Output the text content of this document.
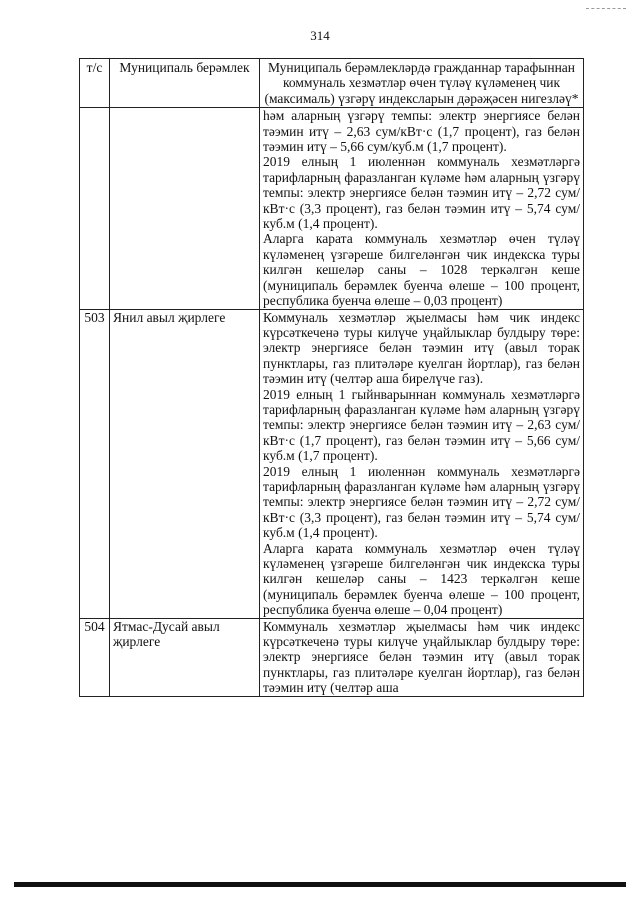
314
т/с	Муниципаль берәмлек	Муниципаль берәмлекләрдә гражданнар тарафыннан коммуналь хезмәтләр өчен түләү күләменең чик (максималь) үзгәрү индексларын дәрәҗәсен нигезләү*

		һәм аларның үзгәрү темпы: электр энергиясе белән тәэмин итү – 2,63 сум/кВт·с (1,7 процент), газ белән тәэмин итү – 5,66 сум/куб.м (1,7 процент).

2019 елның 1 июленнән коммуналь хезмәтләргә тарифларның фаразланган күләме һәм аларның үзгәрү темпы: электр энергиясе белән тәэмин итү – 2,72 сум/кВт·с (3,3 процент), газ белән тәэмин итү – 5,74 сум/куб.м (1,4 процент).

Аларга карата коммуналь хезмәтләр өчен түләү күләменең үзгәреше билгеләнгән чик индекска туры килгән кешеләр саны – 1028 теркәлгән кеше (муниципаль берәмлек буенча өлеше – 100 процент, республика буенча өлеше – 0,03 процент)

503	Янил авыл җирлеге	Коммуналь хезмәтләр җыелмасы һәм чик индекс күрсәткеченә туры килүче уңайлыклар булдыру төре: электр энергиясе белән тәэмин итү (авыл торак пунктлары, газ плитәләре куелган йортлар), газ белән тәэмин итү (челтәр аша бирелүче газ).

2019 елның 1 гыйнварыннан коммуналь хезмәтләргә тарифларның фаразланган күләме һәм аларның үзгәрү темпы: электр энергиясе белән тәэмин итү – 2,63 сум/кВт·с (1,7 процент), газ белән тәэмин итү – 5,66 сум/куб.м (1,7 процент).

2019 елның 1 июленнән коммуналь хезмәтләргә тарифларның фаразланган күләме һәм аларның үзгәрү темпы: электр энергиясе белән тәэмин итү – 2,72 сум/кВт·с (3,3 процент), газ белән тәэмин итү – 5,74 сум/куб.м (1,4 процент).

Аларга карата коммуналь хезмәтләр өчен түләү күләменең үзгәреше билгеләнгән чик индекска туры килгән кешеләр саны – 1423 теркәлгән кеше (муниципаль берәмлек буенча өлеше – 100 процент, республика буенча өлеше – 0,04 процент)

504	Ятмас-Дусай авыл җирлеге	Коммуналь хезмәтләр җыелмасы һәм чик индекс күрсәткеченә туры килүче уңайлыклар булдыру төре: электр энергиясе белән тәэмин итү (авыл торак пунктлары, газ плитәләре куелган йортлар), газ белән тәэмин итү (челтәр аша
